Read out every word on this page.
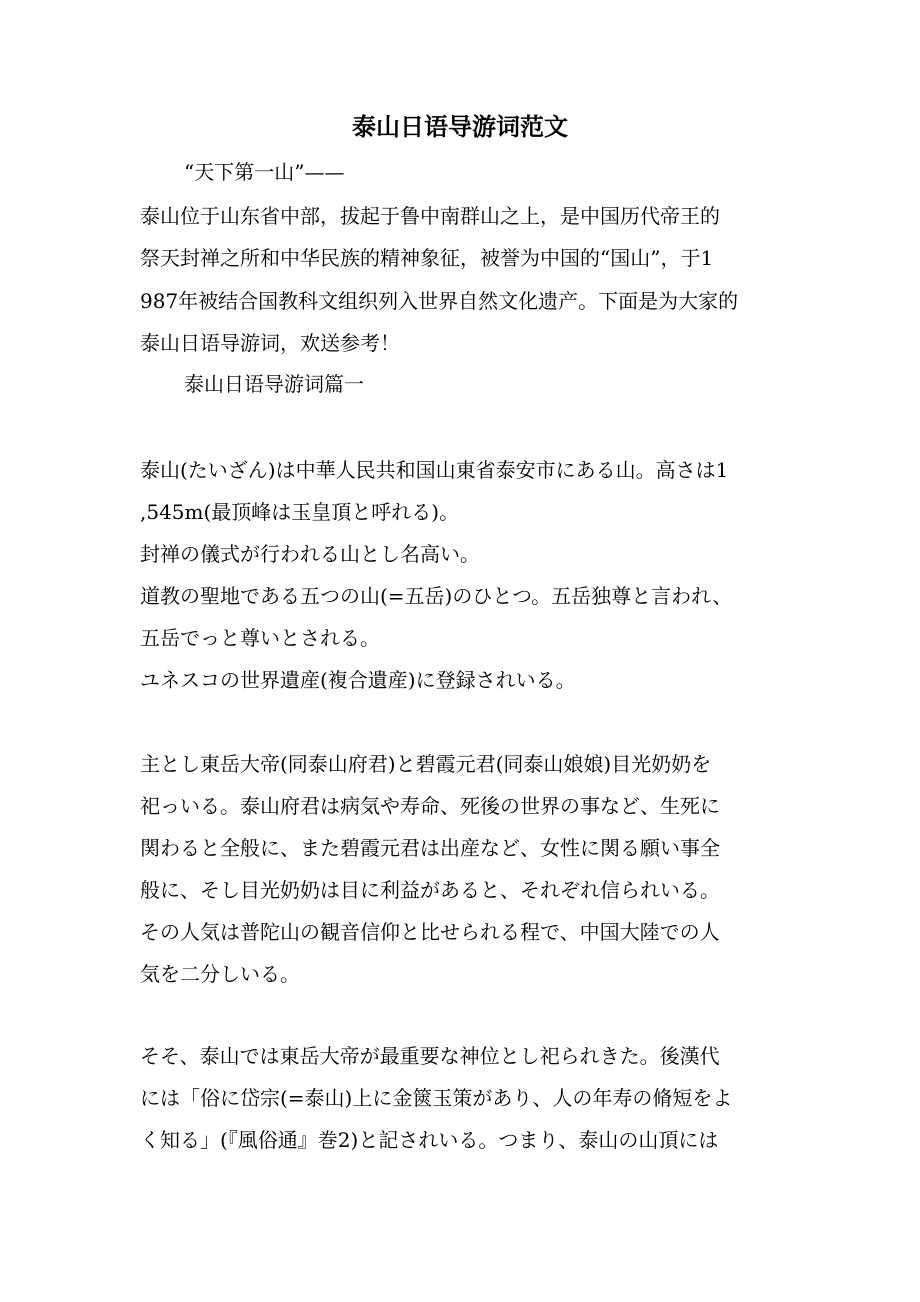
泰山日语导游词范文

“天下第一山”——

泰山位于山东省中部，拔起于鲁中南群山之上，是中国历代帝王的

祭天封禅之所和中华民族的精神象征，被誉为中国的“国山”，于1

987年被结合国教科文组织列入世界自然文化遗产。下面是为大家的

泰山日语导游词，欢送参考！

泰山日语导游词篇一

泰山(たいざん)は中華人民共和国山東省泰安市にある山。高さは1

,545m(最顶峰は玉皇頂と呼れる)。

封禅の儀式が行われる山とし名高い。

道教の聖地である五つの山(=五岳)のひとつ。五岳独尊と言われ、

五岳でっと尊いとされる。

ユネスコの世界遺産(複合遺産)に登録されいる。

主とし東岳大帝(同泰山府君)と碧霞元君(同泰山娘娘)目光奶奶を

祀っいる。泰山府君は病気や寿命、死後の世界の事など、生死に

関わると全般に、また碧霞元君は出産など、女性に関る願い事全

般に、そし目光奶奶は目に利益があると、それぞれ信られいる。

その人気は普陀山の観音信仰と比せられる程で、中国大陸での人

気を二分しいる。

そそ、泰山では東岳大帝が最重要な神位とし祀られきた。後漢代

には「俗に岱宗(=泰山)上に金篋玉策があり、人の年寿の脩短をよ

く知る」(『風俗通』巻2)と記されいる。つまり、泰山の山頂には
